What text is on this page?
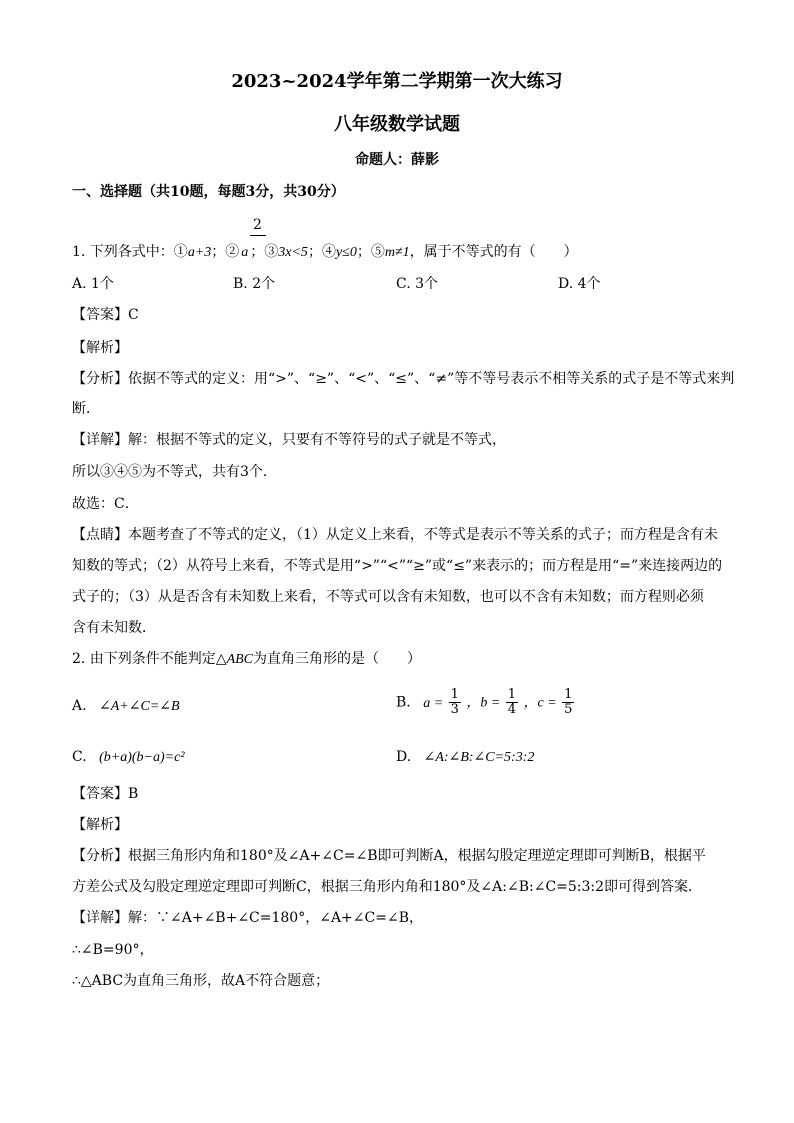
2023~2024学年第二学期第一次大练习
八年级数学试题
命题人：薛影
一、选择题（共10题，每题3分，共30分）
2
1. 下列各式中：①a+3；② a ；③3x<5；④y≤0；⑤m≠1，属于不等式的有（　　）
A. 1个	B. 2个	C. 3个	D. 4个
【答案】C
【解析】
【分析】依据不等式的定义：用“>”、“≥”、“<”、“≤”、“≠”等不等号表示不相等关系的式子是不等式来判
断．
【详解】解：根据不等式的定义，只要有不等符号的式子就是不等式，
所以③④⑤为不等式，共有3个．
故选：C．
【点睛】本题考查了不等式的定义，（1）从定义上来看，不等式是表示不等关系的式子；而方程是含有未
知数的等式；（2）从符号上来看，不等式是用“>”“<”“≥”或“≤”来表示的；而方程是用“=”来连接两边的
式子的；（3）从是否含有未知数上来看，不等式可以含有未知数，也可以不含有未知数；而方程则必须
含有未知数．
2. 由下列条件不能判定△ABC为直角三角形的是（　　）
A. ∠A+∠C=∠B	B. $a = \frac{1}{3}$ ，$b = \frac{1}{4}$ ，$c = \frac{1}{5}$
C. (b+a)(b−a)=c²	D. ∠A:∠B:∠C=5:3:2
【答案】B
【解析】
【分析】根据三角形内角和180°及∠A+∠C=∠B即可判断A，根据勾股定理逆定理即可判断B，根据平
方差公式及勾股定理逆定理即可判断C，根据三角形内角和180°及∠A:∠B:∠C=5:3:2即可得到答案．
【详解】解：∵∠A+∠B+∠C=180°，∠A+∠C=∠B，
∴∠B=90°，
∴△ABC为直角三角形，故A不符合题意；
